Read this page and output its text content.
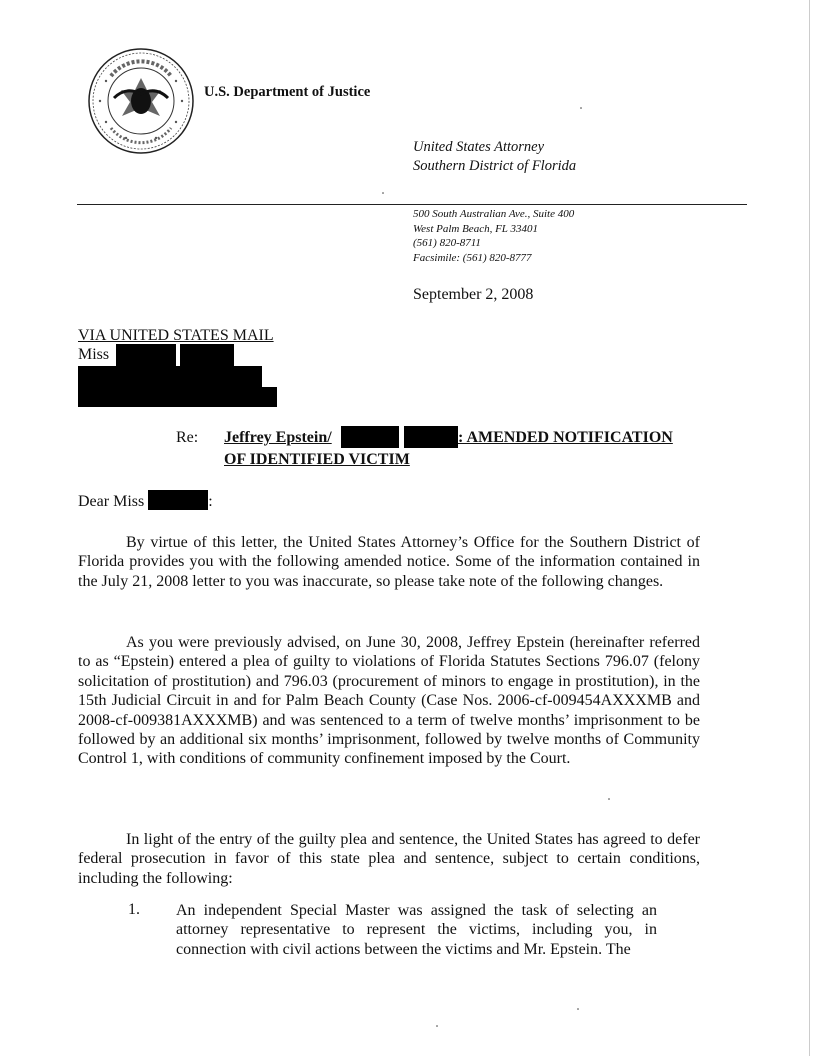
U.S. Department of Justice
United States Attorney
Southern District of Florida
500 South Australian Ave., Suite 400
West Palm Beach, FL 33401
(561) 820-8711
Facsimile: (561) 820-8777
September 2, 2008
VIA UNITED STATES MAIL
Miss
Re: Jeffrey Epstein/	: AMENDED NOTIFICATION
OF IDENTIFIED VICTIM
Dear Miss	:
By virtue of this letter, the United States Attorney’s Office for the Southern District of Florida provides you with the following amended notice. Some of the information contained in the July 21, 2008 letter to you was inaccurate, so please take note of the following changes.
As you were previously advised, on June 30, 2008, Jeffrey Epstein (hereinafter referred to as “Epstein) entered a plea of guilty to violations of Florida Statutes Sections 796.07 (felony solicitation of prostitution) and 796.03 (procurement of minors to engage in prostitution), in the 15th Judicial Circuit in and for Palm Beach County (Case Nos. 2006-cf-009454AXXXMB and 2008-cf-009381AXXXMB) and was sentenced to a term of twelve months’ imprisonment to be followed by an additional six months’ imprisonment, followed by twelve months of Community Control 1, with conditions of community confinement imposed by the Court.
In light of the entry of the guilty plea and sentence, the United States has agreed to defer federal prosecution in favor of this state plea and sentence, subject to certain conditions, including the following:
1. An independent Special Master was assigned the task of selecting an attorney representative to represent the victims, including you, in connection with civil actions between the victims and Mr. Epstein. The
